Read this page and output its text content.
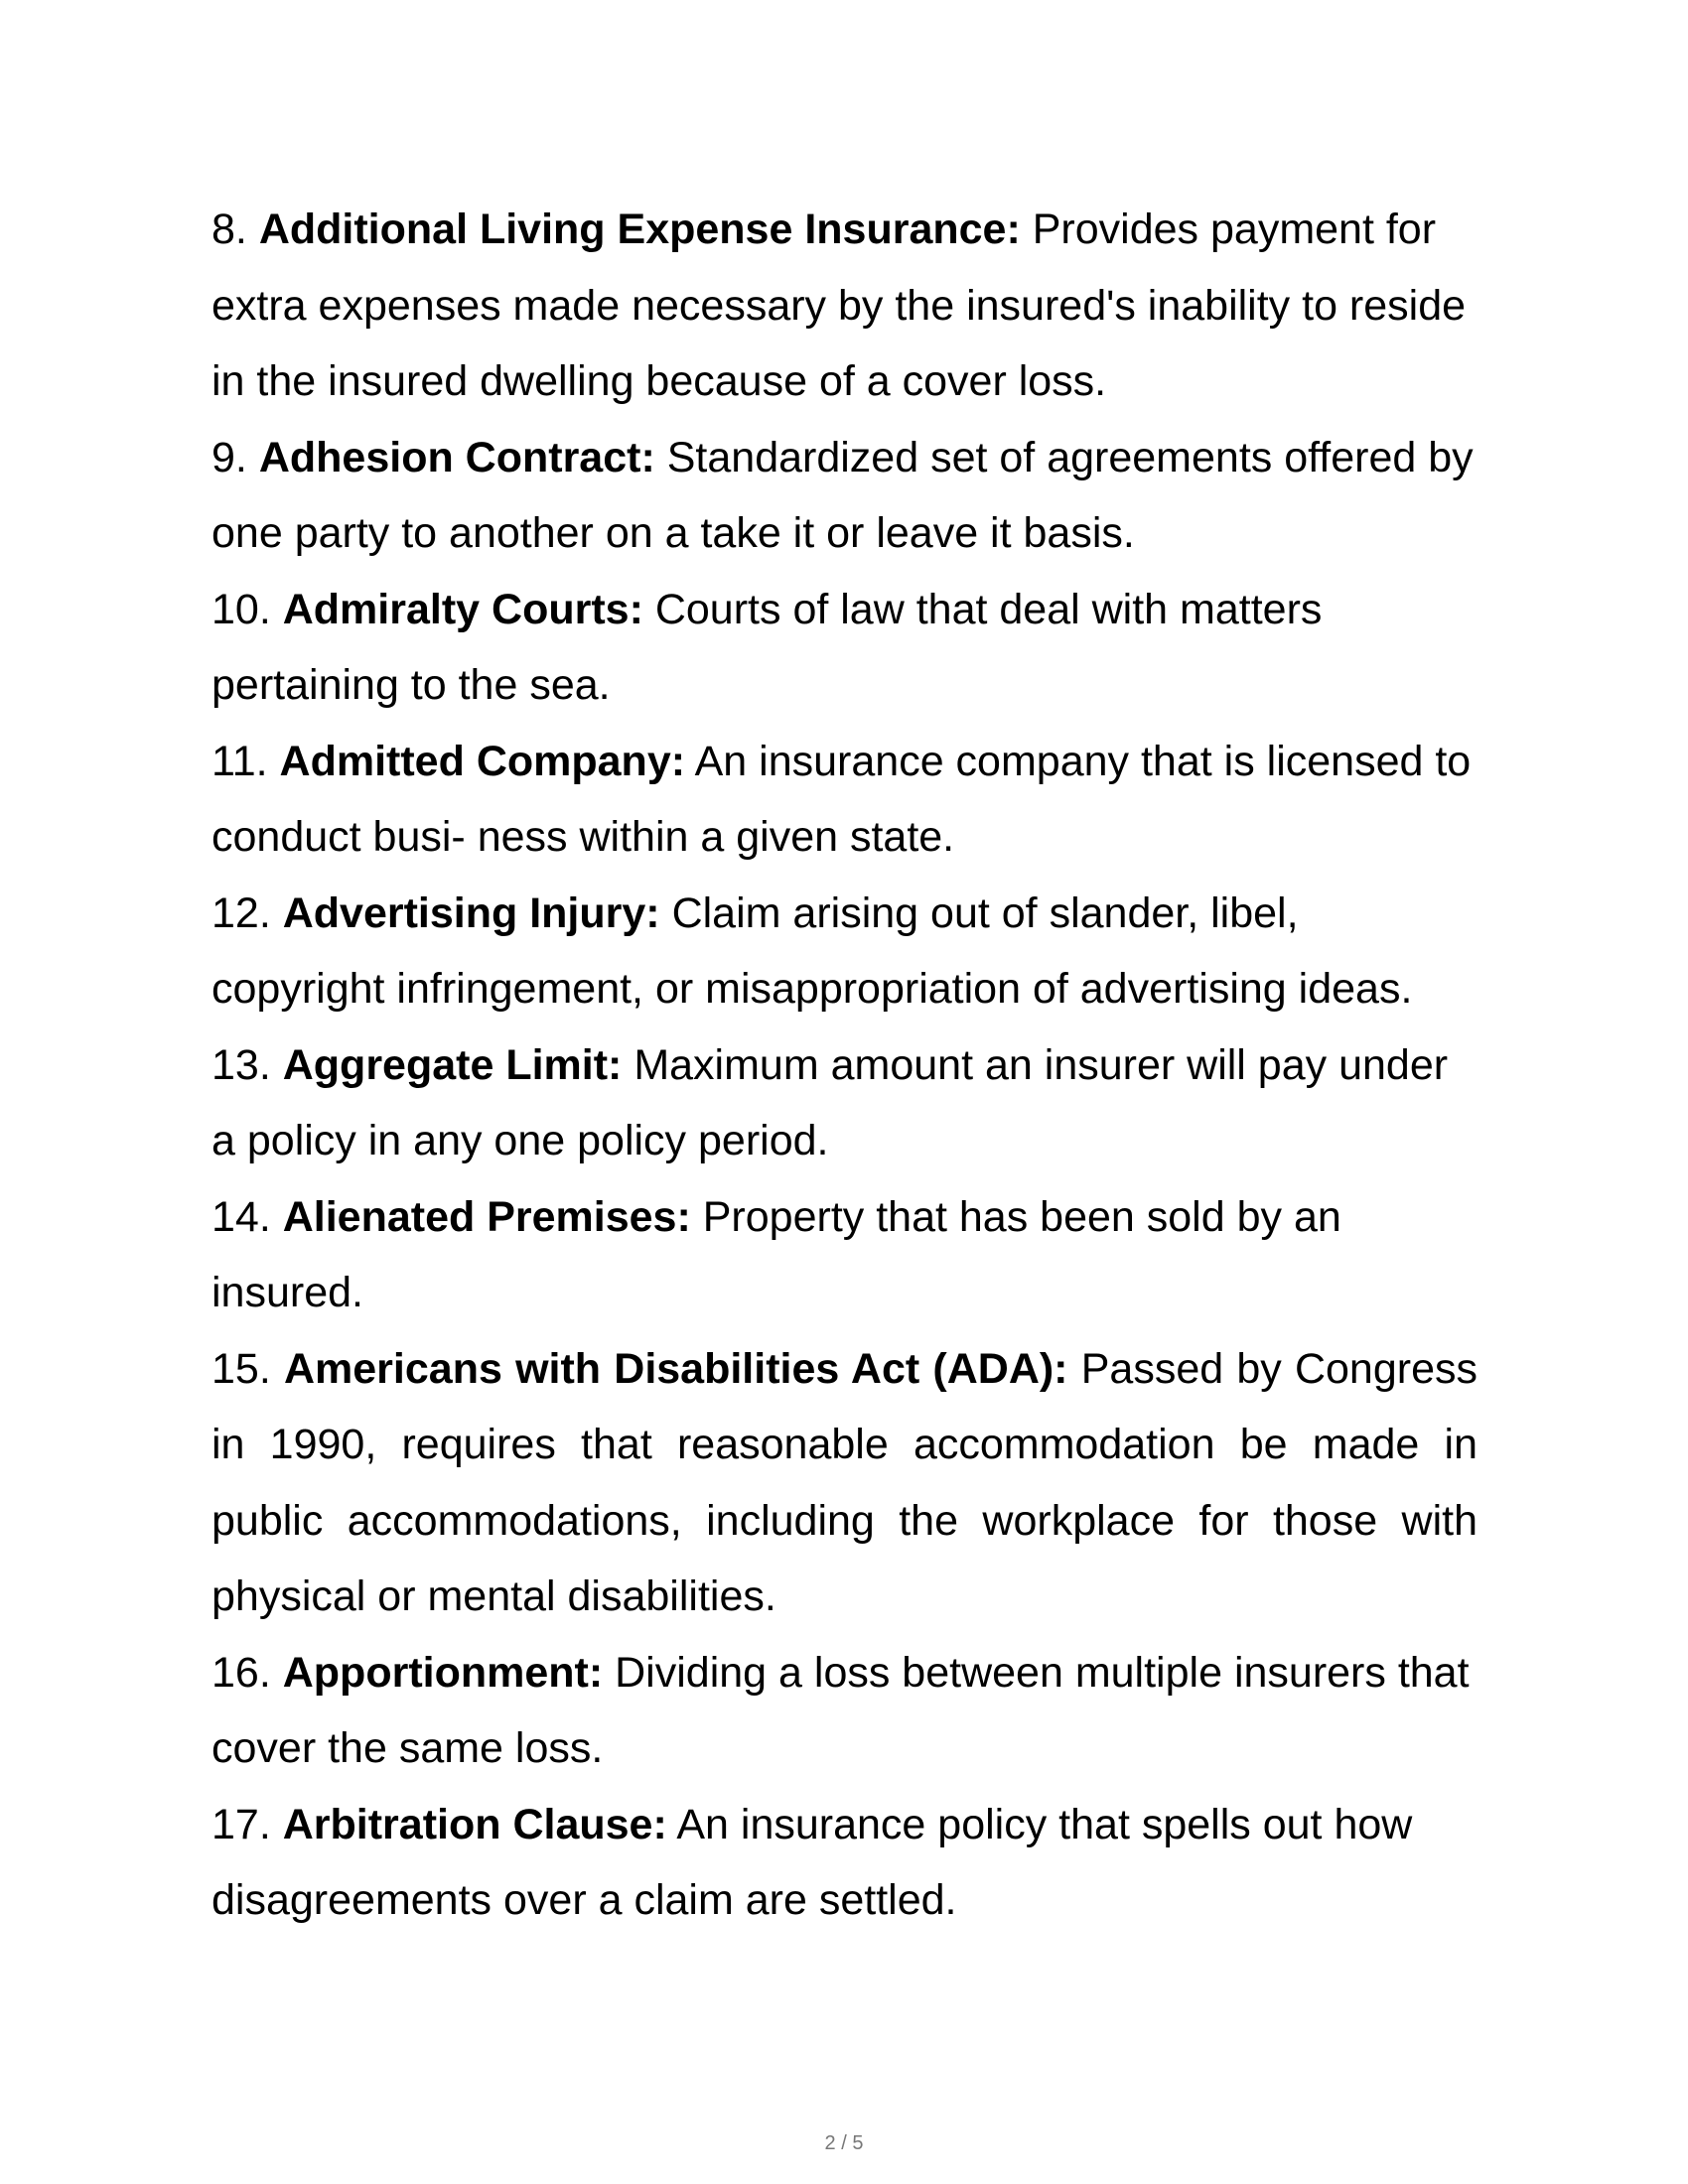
8. Additional Living Expense Insurance: Provides payment for extra expenses made necessary by the insured's inability to reside in the insured dwelling because of a cover loss.

9. Adhesion Contract: Standardized set of agreements offered by one party to another on a take it or leave it basis.

10. Admiralty Courts: Courts of law that deal with matters pertaining to the sea.

11. Admitted Company: An insurance company that is licensed to conduct busi- ness within a given state.

12. Advertising Injury: Claim arising out of slander, libel, copyright infringement, or misappropriation of advertising ideas.

13. Aggregate Limit: Maximum amount an insurer will pay under a policy in any one policy period.

14. Alienated Premises: Property that has been sold by an insured.

15. Americans with Disabilities Act (ADA): Passed by Congress in 1990, requires that reasonable accommodation be made in public accommodations, including the workplace for those with physical or mental disabilities.

16. Apportionment: Dividing a loss between multiple insurers that cover the same loss.

17. Arbitration Clause: An insurance policy that spells out how disagreements over a claim are settled.

2 / 5
